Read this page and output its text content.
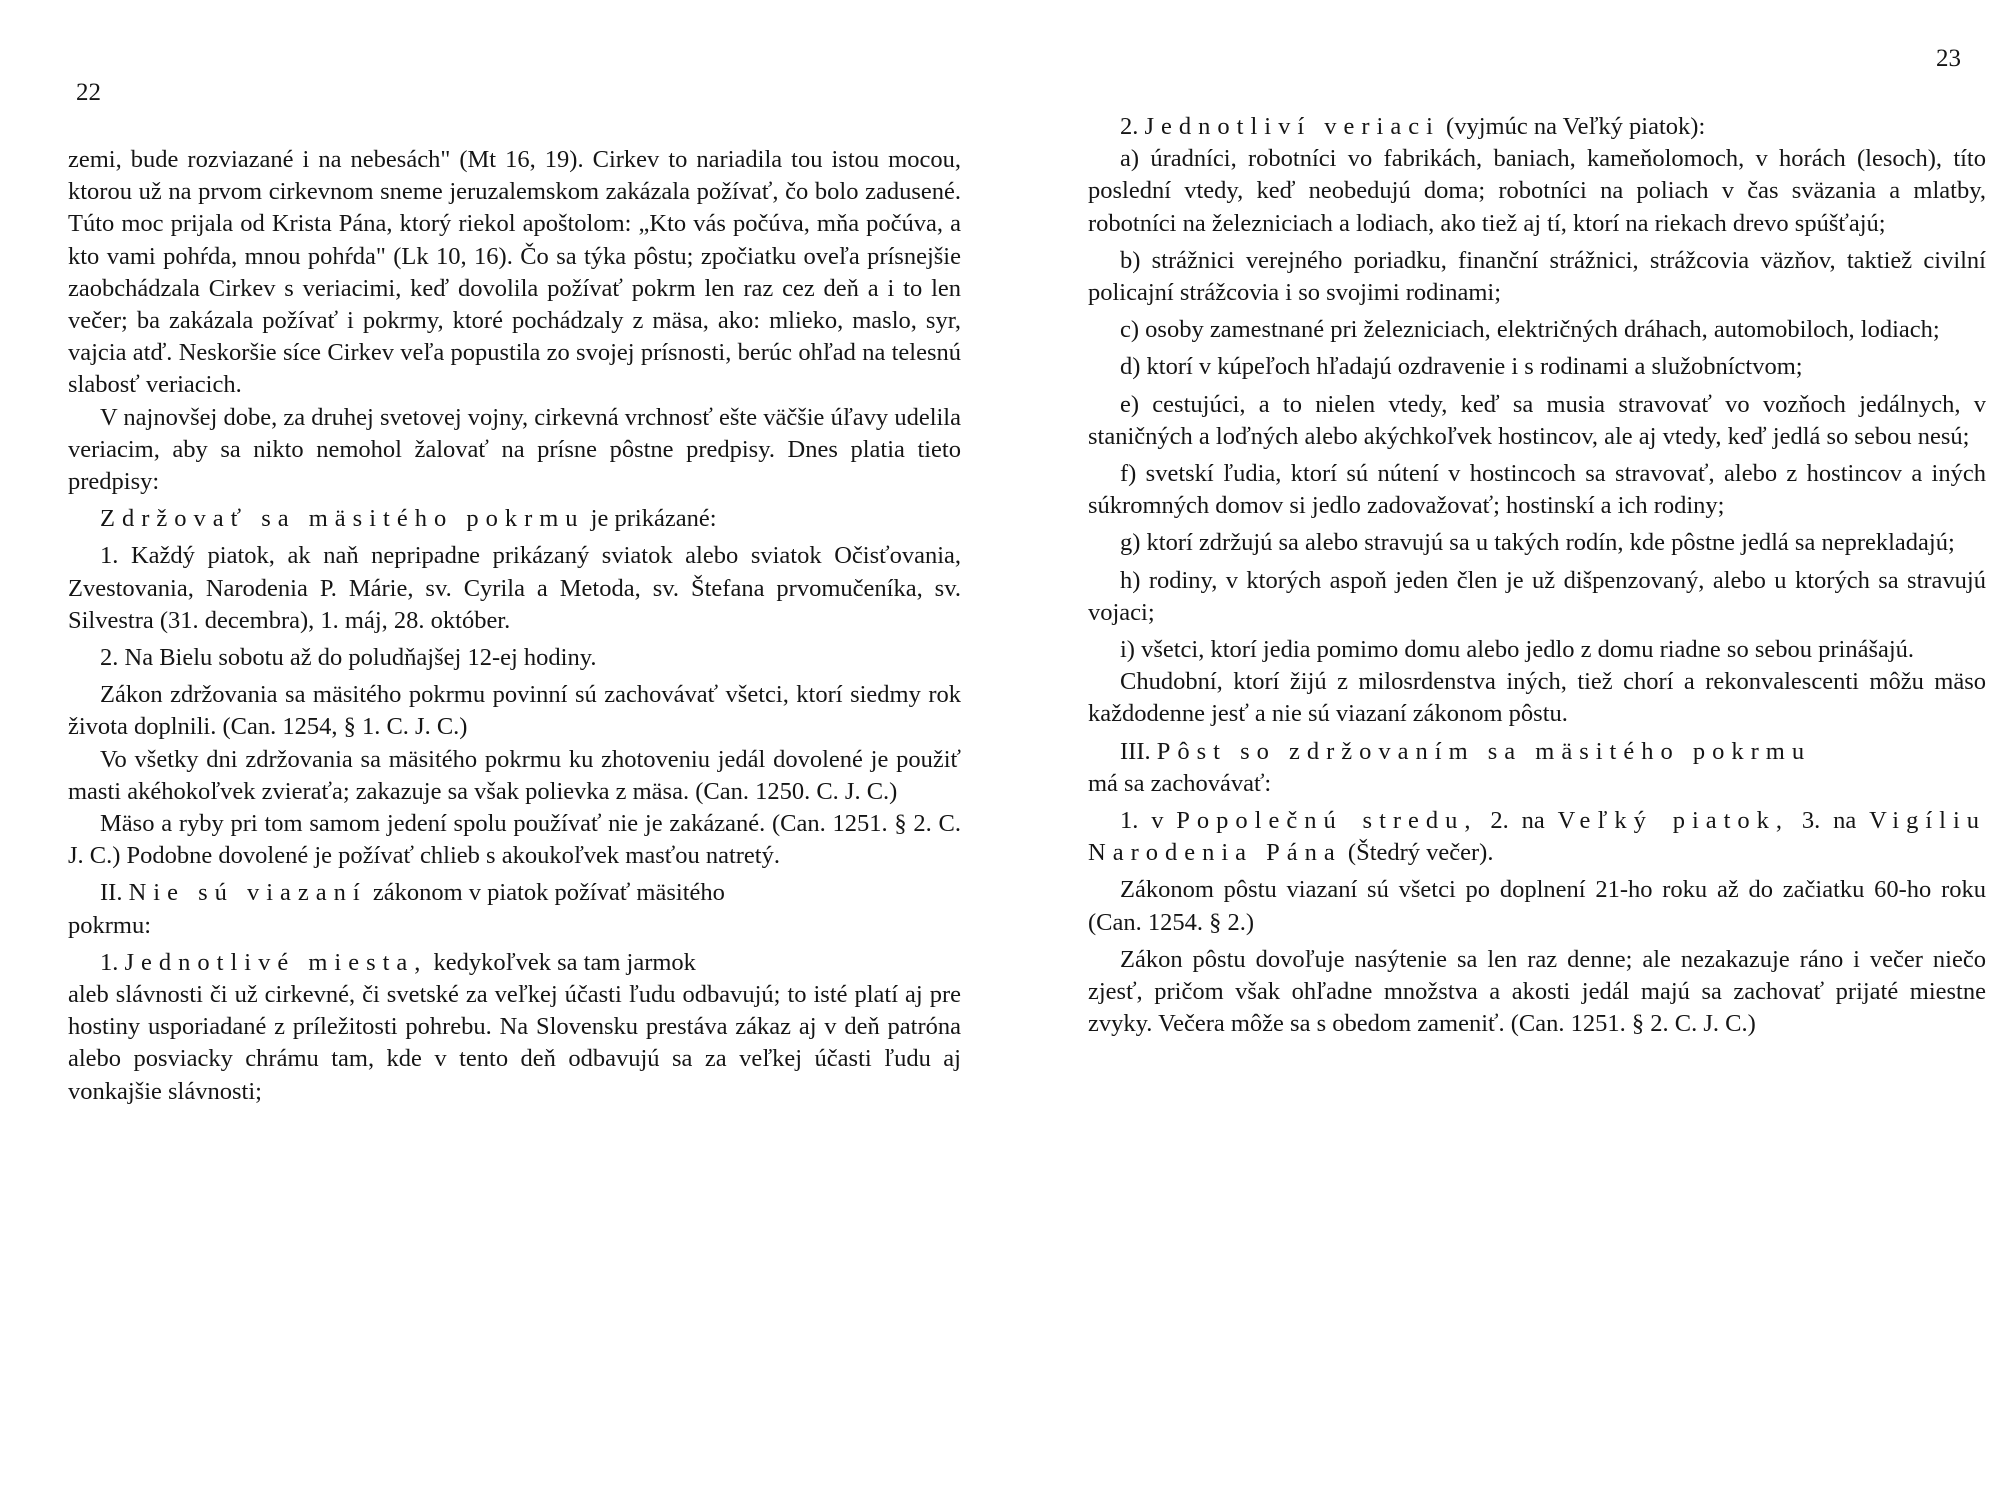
22

zemi, bude rozviazané i na nebesách" (Mt 16, 19). Cirkev to nariadila tou istou mocou, ktorou už na prvom cirkevnom sneme jeruzalemskom zakázala požívať, čo bolo zadusené. Túto moc prijala od Krista Pána, ktorý riekol apoštolom: „Kto vás počúva, mňa počúva, a kto vami pohŕda, mnou pohŕda" (Lk 10, 16). Čo sa týka pôstu; zpočiatku oveľa prísnejšie zaobchádzala Cirkev s veriacimi, keď dovolila požívať pokrm len raz cez deň a i to len večer; ba zakázala požívať i pokrmy, ktoré pochádzaly z mäsa, ako: mlieko, maslo, syr, vajcia atď. Neskoršie síce Cirkev veľa popustila zo svojej prísnosti, berúc ohľad na telesnú slabosť veriacich.

V najnovšej dobe, za druhej svetovej vojny, cirkevná vrchnosť ešte väčšie úľavy udelila veriacim, aby sa nikto nemohol žalovať na prísne pôstne predpisy. Dnes platia tieto predpisy:

Zdržovať sa mäsitého pokrmu je prikázané:

1. Každý piatok, ak naň nepripadne prikázaný sviatok alebo sviatok Očisťovania, Zvestovania, Narodenia P. Márie, sv. Cyrila a Metoda, sv. Štefana prvomučeníka, sv. Silvestra (31. decembra), 1. máj, 28. október.

2. Na Bielu sobotu až do poludňajšej 12-ej hodiny.

Zákon zdržovania sa mäsitého pokrmu povinní sú zachovávať všetci, ktorí siedmy rok života doplnili. (Can. 1254, § 1. C. J. C.)

Vo všetky dni zdržovania sa mäsitého pokrmu ku zhotoveniu jedál dovolené je použiť masti akéhokoľvek zvieraťa; zakazuje sa však polievka z mäsa. (Can. 1250. C. J. C.)

Mäso a ryby pri tom samom jedení spolu používať nie je zakázané. (Can. 1251. § 2. C. J. C.) Podobne dovolené je požívať chlieb s akoukoľvek masťou natretý.

II. Nie sú viazaní zákonom v piatok požívať mäsitého

pokrmu:

1. Jednotlivé miesta, kedykoľvek sa tam jarmok

aleb slávnosti či už cirkevné, či svetské za veľkej účasti ľudu odbavujú; to isté platí aj pre hostiny usporiadané z príležitosti pohrebu. Na Slovensku prestáva zákaz aj v deň patróna alebo posviacky chrámu tam, kde v tento deň odbavujú sa za veľkej účasti ľudu aj vonkajšie slávnosti;

23

2. Jednotliví veriaci (vyjmúc na Veľký piatok):

a) úradníci, robotníci vo fabrikách, baniach, kameňolomoch, v horách (lesoch), títo poslední vtedy, keď neobedujú doma; robotníci na poliach v čas sväzania a mlatby, robotníci na železniciach a lodiach, ako tiež aj tí, ktorí na riekach drevo spúšťajú;

b) strážnici verejného poriadku, finanční strážnici, strážcovia väzňov, taktiež civilní policajní strážcovia i so svojimi rodinami;

c) osoby zamestnané pri železniciach, električných dráhach, automobiloch, lodiach;

d) ktorí v kúpeľoch hľadajú ozdravenie i s rodinami a služobníctvom;

e) cestujúci, a to nielen vtedy, keď sa musia stravovať vo vozňoch jedálnych, v staničných a loďných alebo akýchkoľvek hostincov, ale aj vtedy, keď jedlá so sebou nesú;

f) svetskí ľudia, ktorí sú nútení v hostincoch sa stravovať, alebo z hostincov a iných súkromných domov si jedlo zadovažovať; hostinskí a ich rodiny;

g) ktorí zdržujú sa alebo stravujú sa u takých rodín, kde pôstne jedlá sa neprekladajú;

h) rodiny, v ktorých aspoň jeden člen je už dišpenzovaný, alebo u ktorých sa stravujú vojaci;

i) všetci, ktorí jedia pomimo domu alebo jedlo z domu riadne so sebou prinášajú.

Chudobní, ktorí žijú z milosrdenstva iných, tiež chorí a rekonvalescenti môžu mäso každodenne jesť a nie sú viazaní zákonom pôstu.

III. Pôst so zdržovaním sa mäsitého pokrmu

má sa zachovávať:

1. v Popolečnú stredu, 2. na Veľký piatok, 3. na Vigíliu Narodenia Pána (Štedrý večer).

Zákonom pôstu viazaní sú všetci po doplnení 21-ho roku až do začiatku 60-ho roku (Can. 1254. § 2.)

Zákon pôstu dovoľuje nasýtenie sa len raz denne; ale nezakazuje ráno i večer niečo zjesť, pričom však ohľadne množstva a akosti jedál majú sa zachovať prijaté miestne zvyky. Večera môže sa s obedom zameniť. (Can. 1251. § 2. C. J. C.)
